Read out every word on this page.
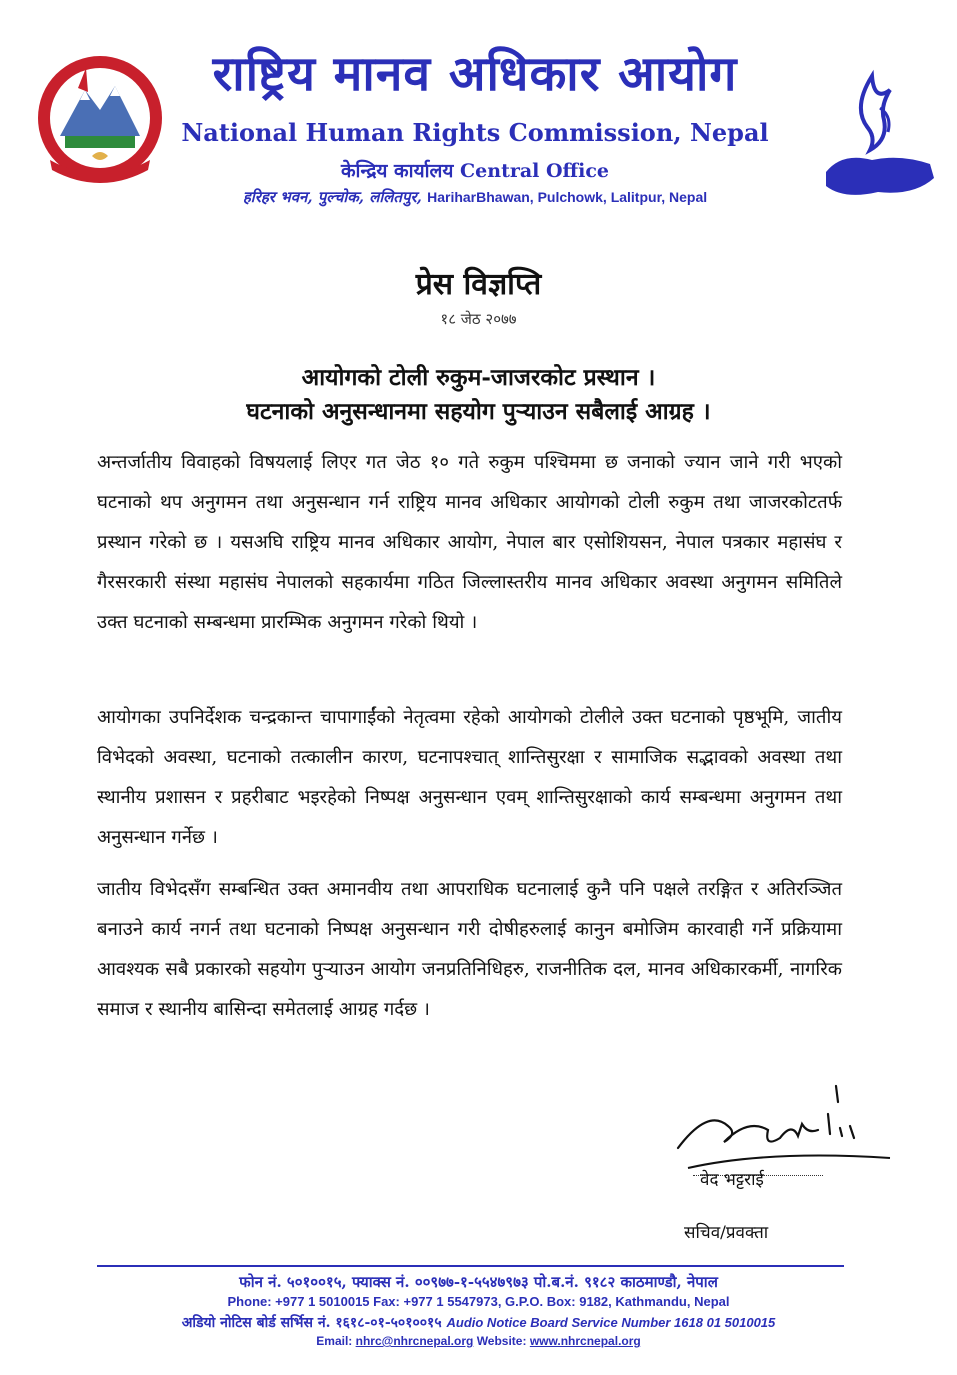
राष्ट्रिय मानव अधिकार आयोग
National Human Rights Commission, Nepal
केन्द्रिय कार्यालय Central Office
हरिहर भवन, पुल्चोक, ललितपुर, HariharBhawan, Pulchowk, Lalitpur, Nepal
प्रेस विज्ञप्ति
१८ जेठ २०७७
आयोगको टोली रुकुम-जाजरकोट प्रस्थान ।
घटनाको अनुसन्धानमा सहयोग पुऱ्याउन सबैलाई आग्रह ।
अन्तर्जातीय विवाहको विषयलाई लिएर गत जेठ १० गते रुकुम पश्चिममा छ जनाको ज्यान जाने गरी भएको घटनाको थप अनुगमन तथा अनुसन्धान गर्न राष्ट्रिय मानव अधिकार आयोगको टोली रुकुम तथा जाजरकोटतर्फ प्रस्थान गरेको छ । यसअघि राष्ट्रिय मानव अधिकार आयोग, नेपाल बार एसोशियसन, नेपाल पत्रकार महासंघ र गैरसरकारी संस्था महासंघ नेपालको सहकार्यमा गठित जिल्लास्तरीय मानव अधिकार अवस्था अनुगमन समितिले उक्त घटनाको सम्बन्धमा प्रारम्भिक अनुगमन गरेको थियो ।
आयोगका उपनिर्देशक चन्द्रकान्त चापागाईंको नेतृत्वमा रहेको आयोगको टोलीले उक्त घटनाको पृष्ठभूमि, जातीय विभेदको अवस्था, घटनाको तत्कालीन कारण, घटनापश्चात् शान्तिसुरक्षा र सामाजिक सद्भावको अवस्था तथा स्थानीय प्रशासन र प्रहरीबाट भइरहेको निष्पक्ष अनुसन्धान एवम् शान्तिसुरक्षाको कार्य सम्बन्धमा अनुगमन तथा अनुसन्धान गर्नेछ ।
जातीय विभेदसँग सम्बन्धित उक्त अमानवीय तथा आपराधिक घटनालाई कुनै पनि पक्षले तरङ्गित र अतिरञ्जित बनाउने कार्य नगर्न तथा घटनाको निष्पक्ष अनुसन्धान गरी दोषीहरुलाई कानुन बमोजिम कारवाही गर्ने प्रक्रियामा आवश्यक सबै प्रकारको सहयोग पुऱ्याउन आयोग जनप्रतिनिधिहरु, राजनीतिक दल, मानव अधिकारकर्मी, नागरिक समाज र स्थानीय बासिन्दा समेतलाई आग्रह गर्दछ ।
वेद भट्टराई
सचिव/प्रवक्ता
फोन नं. ५०१००१५, फ्याक्स नं. ००९७७-१-५५४७९७३ पो.ब.नं. ९१८२ काठमाण्डौ, नेपाल
Phone: +977 1 5010015 Fax: +977 1 5547973, G.P.O. Box: 9182, Kathmandu, Nepal
अडियो नोटिस बोर्ड सर्भिस नं. १६१८-०१-५०१००१५ Audio Notice Board Service Number 1618 01 5010015
Email: nhrc@nhrcnepal.org Website: www.nhrcnepal.org
